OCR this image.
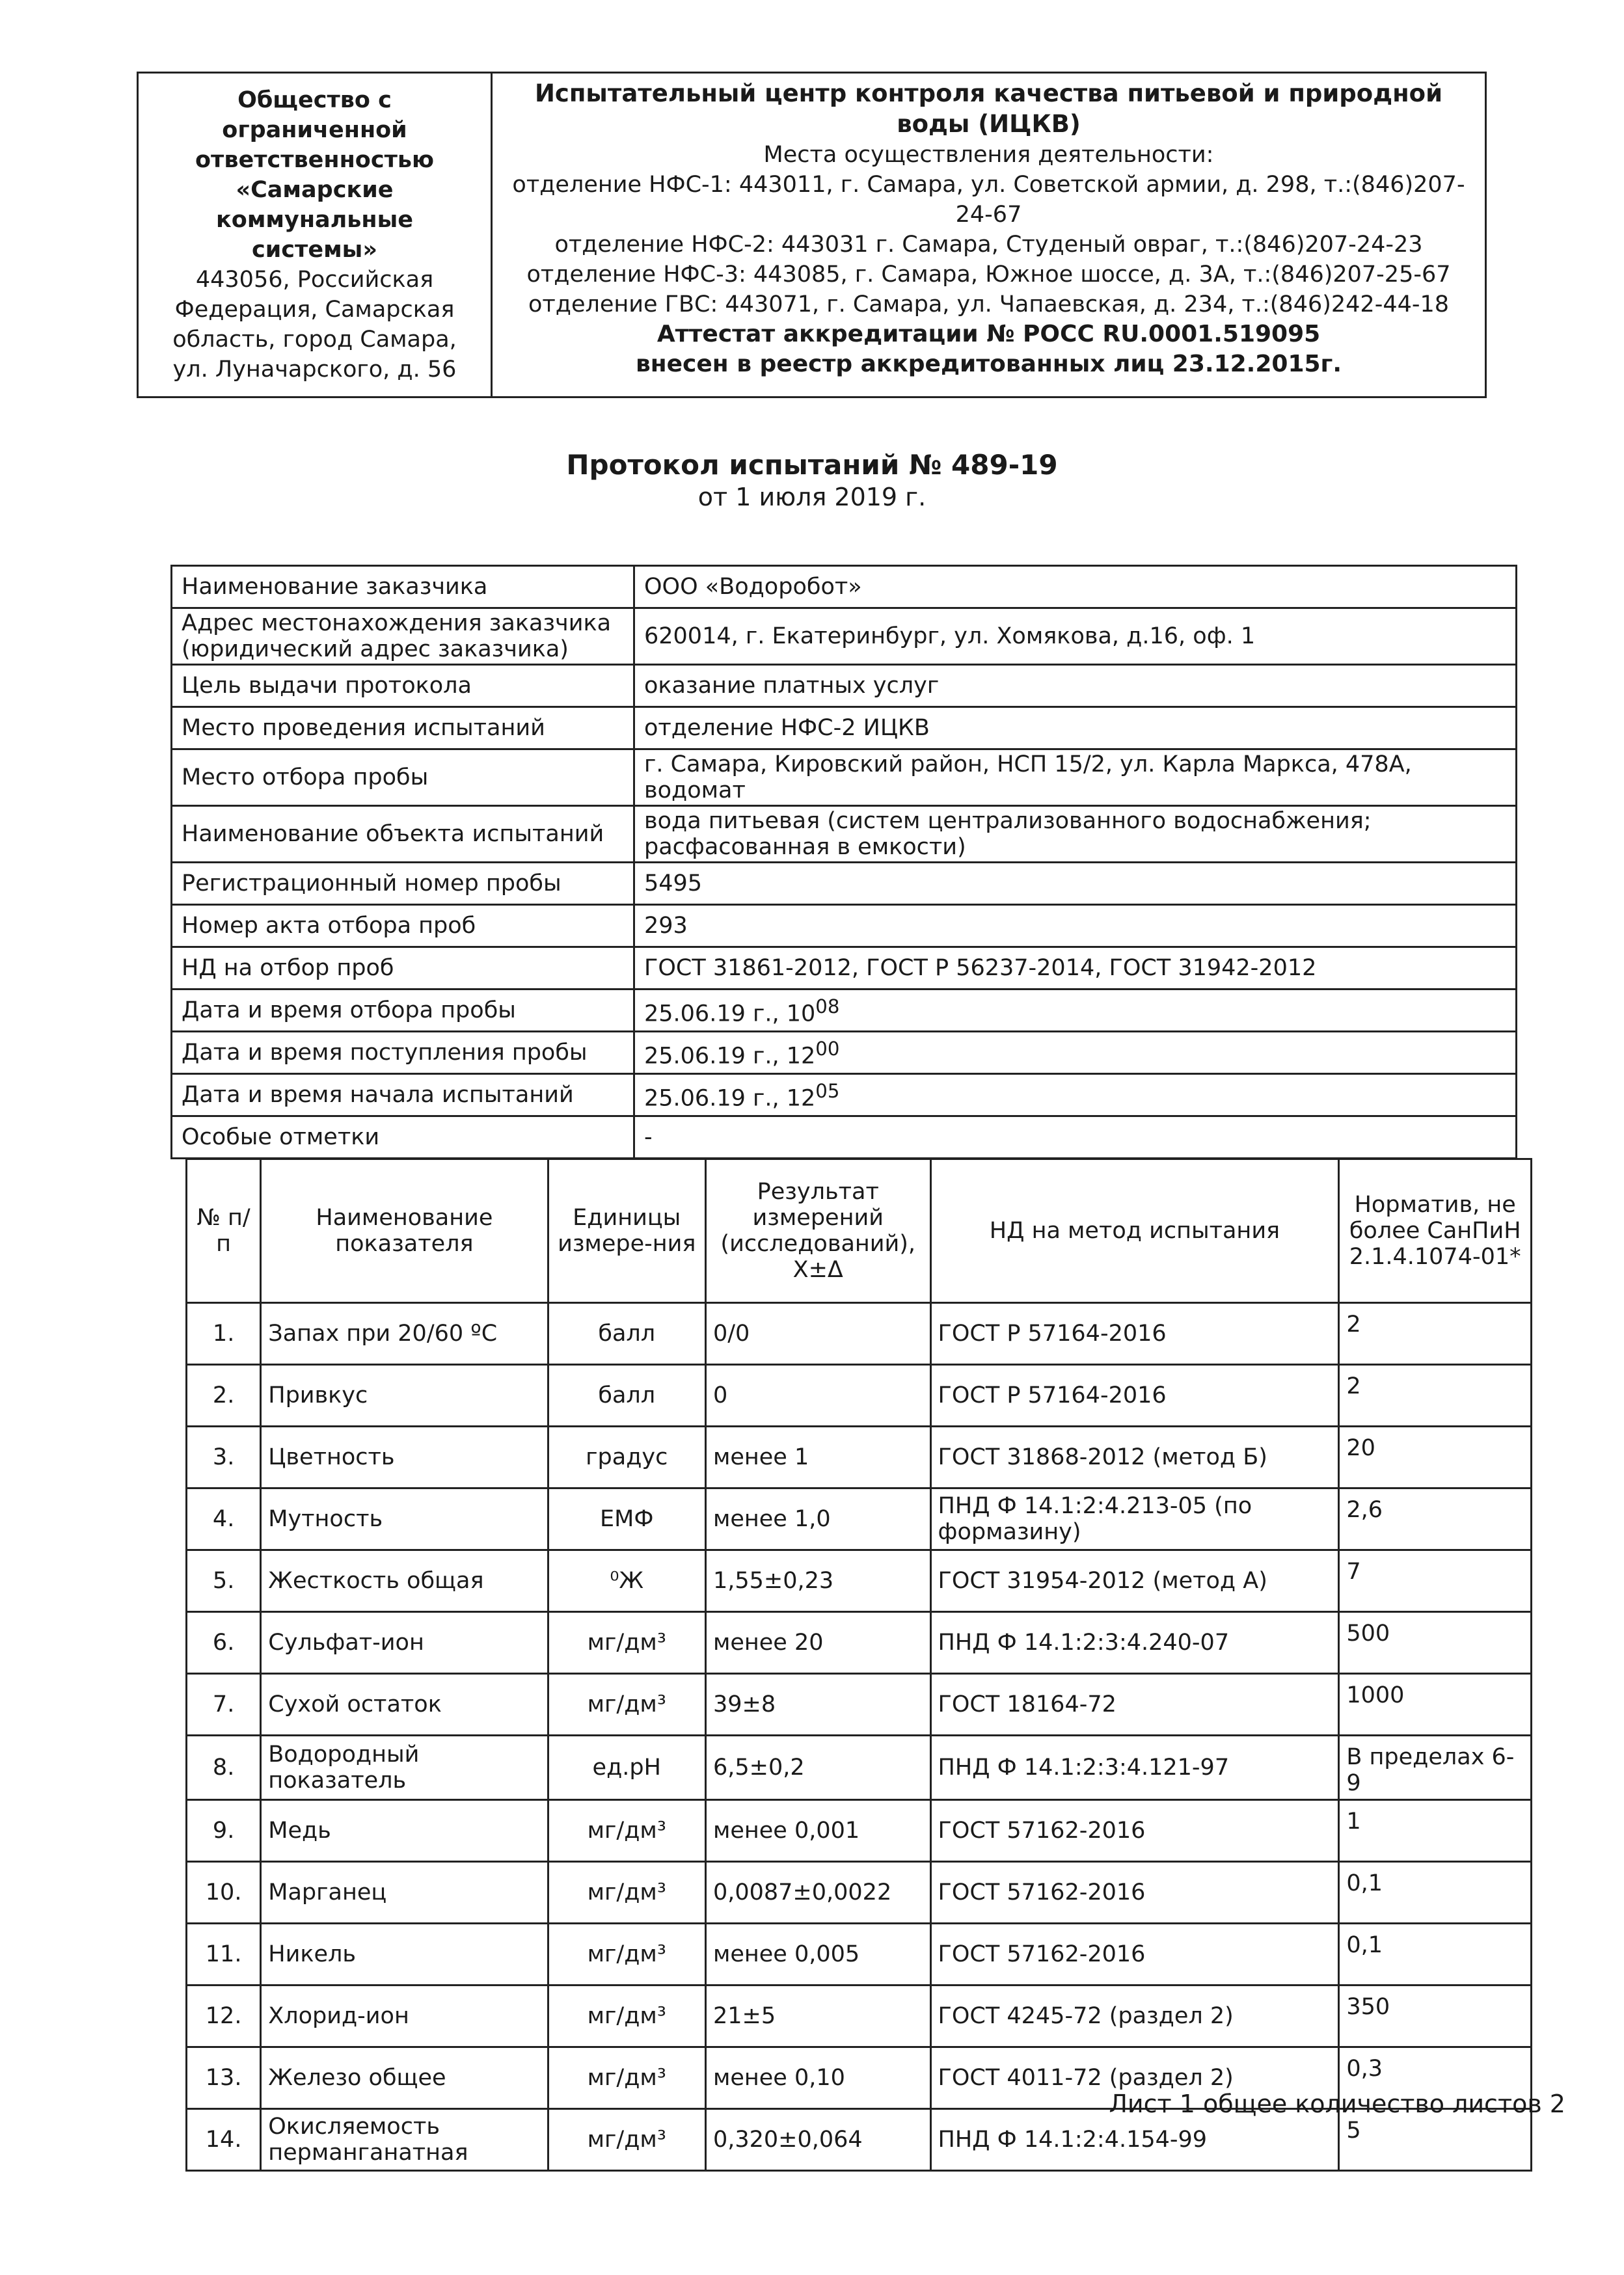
Общество с
ограниченной
ответственностью
«Самарские
коммунальные
системы»
443056, Российская
Федерация, Самарская
область, город Самара,
ул. Луначарского, д. 56	Испытательный центр контроля качества питьевой и природной
воды (ИЦКВ)
Места осуществления деятельности:
отделение НФС-1: 443011, г. Самара, ул. Советской армии, д. 298, т.:(846)207-24-67
отделение НФС-2: 443031 г. Самара, Студеный овраг, т.:(846)207-24-23
отделение НФС-3: 443085, г. Самара, Южное шоссе, д. 3А, т.:(846)207-25-67
отделение ГВС: 443071, г. Самара, ул. Чапаевская, д. 234, т.:(846)242-44-18
Аттестат аккредитации № РОСС RU.0001.519095
внесен в реестр аккредитованных лиц 23.12.2015г.
Протокол испытаний № 489-19
от 1 июля 2019 г.
Наименование заказчика	ООО «Водоробот»
Адрес местонахождения заказчика (юридический адрес заказчика)	620014, г. Екатеринбург, ул. Хомякова, д.16, оф. 1
Цель выдачи протокола	оказание платных услуг
Место проведения испытаний	отделение НФС-2 ИЦКВ
Место отбора пробы	г. Самара, Кировский район, НСП 15/2, ул. Карла Маркса, 478А, водомат
Наименование объекта испытаний	вода питьевая (систем централизованного водоснабжения; расфасованная в емкости)
Регистрационный номер пробы	5495
Номер акта отбора проб	293
НД на отбор проб	ГОСТ 31861-2012, ГОСТ Р 56237-2014, ГОСТ 31942-2012
Дата и время отбора пробы	25.06.19 г., $10^{08}$
Дата и время поступления пробы	25.06.19 г., $12^{00}$
Дата и время начала испытаний	25.06.19 г., $12^{05}$
Особые отметки	-
№ п/п	Наименование показателя	Единицы измере-ния	Результат измерений (исследований), Х±Δ	НД на метод испытания	Норматив, не более СанПиН 2.1.4.1074-01*
1.	Запах при 20/60 ºС	балл	0/0	ГОСТ Р 57164-2016	2
2.	Привкус	балл	0	ГОСТ Р 57164-2016	2
3.	Цветность	градус	менее 1	ГОСТ 31868-2012 (метод Б)	20
4.	Мутность	ЕМФ	менее 1,0	ПНД Ф 14.1:2:4.213-05 (по формазину)	2,6
5.	Жесткость общая	⁰Ж	1,55±0,23	ГОСТ 31954-2012 (метод А)	7
6.	Сульфат-ион	мг/дм³	менее 20	ПНД Ф 14.1:2:3:4.240-07	500
7.	Сухой остаток	мг/дм³	39±8	ГОСТ 18164-72	1000
8.	Водородный показатель	ед.рН	6,5±0,2	ПНД Ф 14.1:2:3:4.121-97	В пределах 6-9
9.	Медь	мг/дм³	менее 0,001	ГОСТ 57162-2016	1
10.	Марганец	мг/дм³	0,0087±0,0022	ГОСТ 57162-2016	0,1
11.	Никель	мг/дм³	менее 0,005	ГОСТ 57162-2016	0,1
12.	Хлорид-ион	мг/дм³	21±5	ГОСТ 4245-72 (раздел 2)	350
13.	Железо общее	мг/дм³	менее 0,10	ГОСТ 4011-72 (раздел 2)	0,3
14.	Окисляемость перманганатная	мг/дм³	0,320±0,064	ПНД Ф 14.1:2:4.154-99	5
Лист 1 общее количество листов 2
